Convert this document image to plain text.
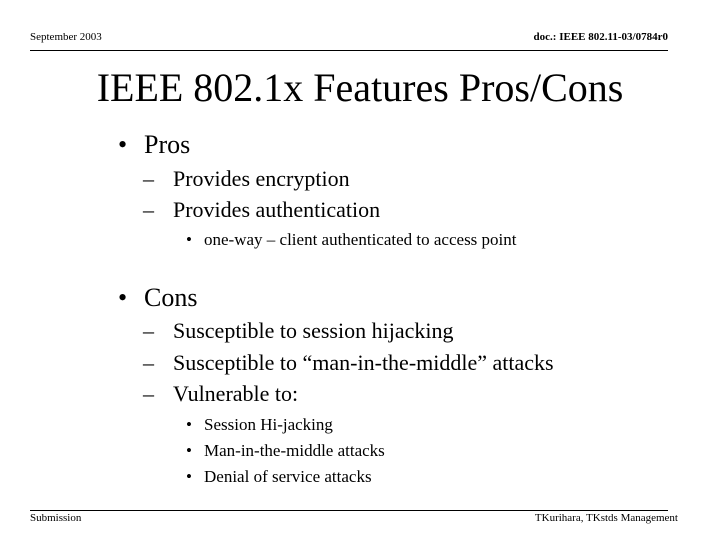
September 2003	doc.: IEEE 802.11-03/0784r0
IEEE 802.1x Features Pros/Cons
• Pros
– Provides encryption
– Provides authentication
• one-way – client authenticated to access point
• Cons
– Susceptible to session hijacking
– Susceptible to “man-in-the-middle” attacks
– Vulnerable to:
• Session Hi-jacking
• Man-in-the-middle attacks
• Denial of service attacks
Submission	TKurihara, TKstds Management
